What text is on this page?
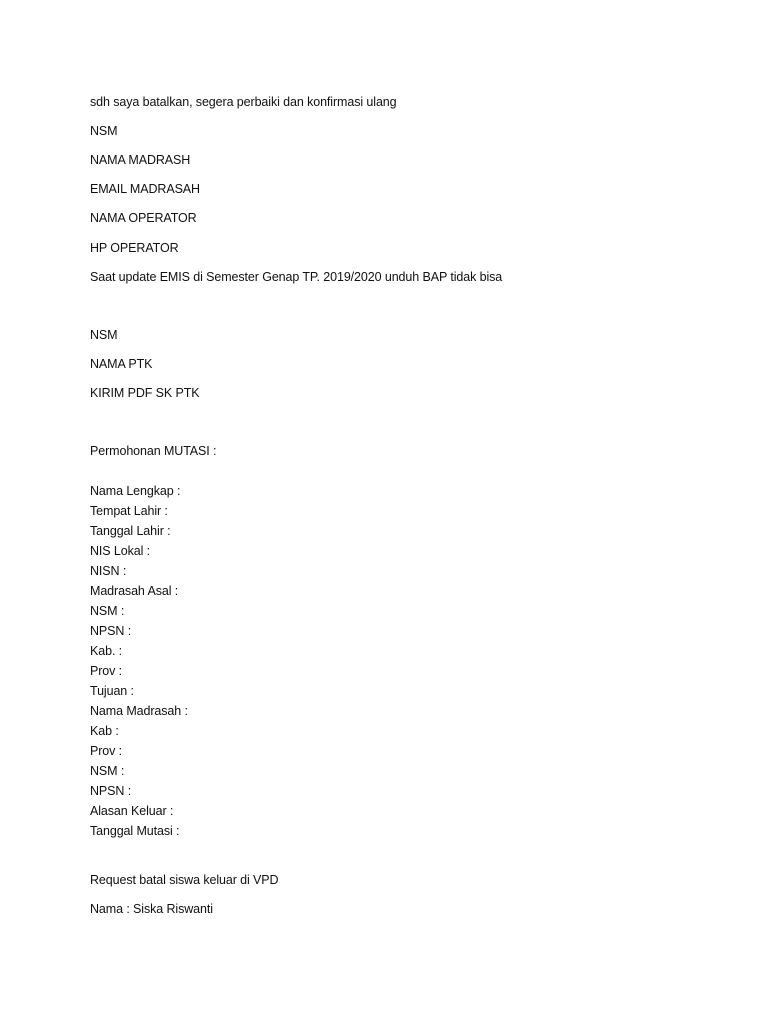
sdh saya batalkan, segera perbaiki dan konfirmasi ulang
NSM
NAMA MADRASH
EMAIL MADRASAH
NAMA OPERATOR
HP OPERATOR
Saat update EMIS di Semester Genap TP. 2019/2020 unduh BAP tidak bisa
NSM
NAMA PTK
KIRIM PDF SK PTK
Permohonan MUTASI :
Nama Lengkap :
Tempat Lahir :
Tanggal Lahir :
NIS Lokal :
NISN :
Madrasah Asal :
NSM :
NPSN :
Kab. :
Prov :
Tujuan :
Nama Madrasah :
Kab :
Prov :
NSM :
NPSN :
Alasan Keluar :
Tanggal Mutasi :
Request batal siswa keluar di VPD
Nama : Siska Riswanti
